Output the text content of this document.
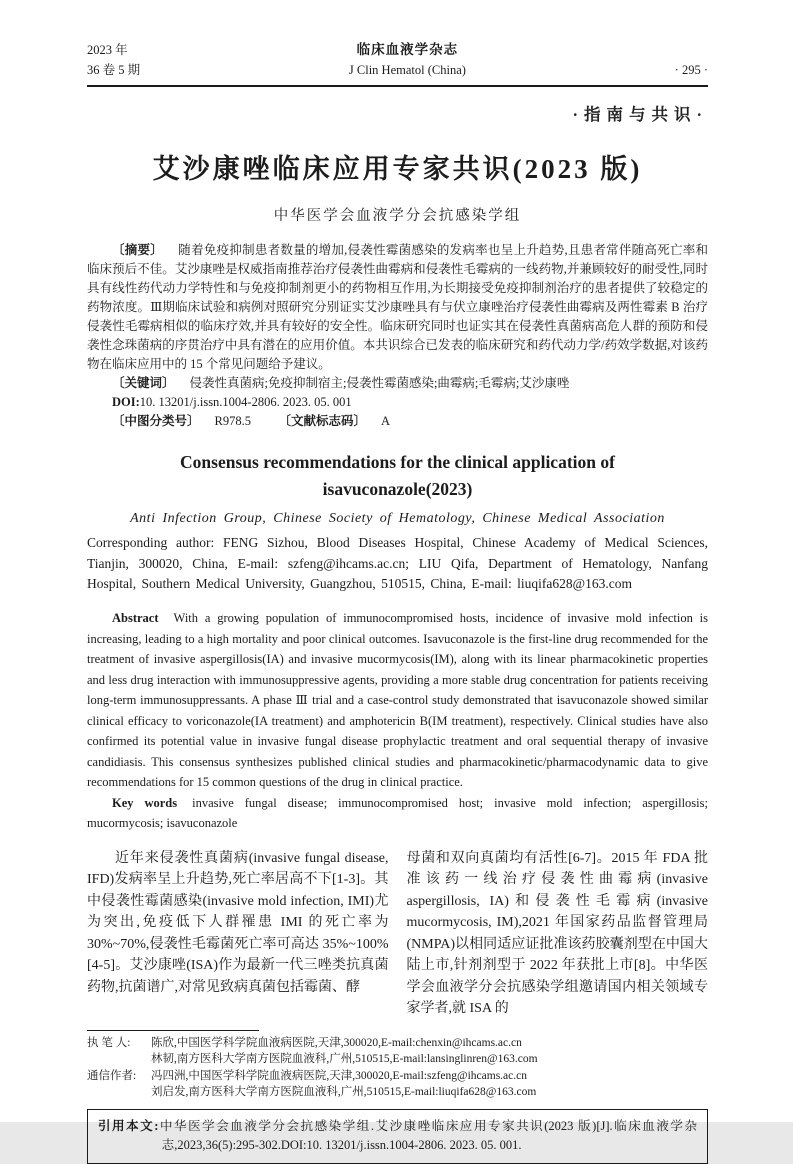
2023 年
36 卷 5 期
临床血液学杂志
J Clin Hematol (China)
	· 295 ·
·指南与共识·
艾沙康唑临床应用专家共识(2023 版)
中华医学会血液学分会抗感染学组

〔摘要〕 随着免疫抑制患者数量的增加,侵袭性霉菌感染的发病率也呈上升趋势,且患者常伴随高死亡率和临床预后不佳。艾沙康唑是权威指南推荐治疗侵袭性曲霉病和侵袭性毛霉病的一线药物,并兼顾较好的耐受性,同时具有线性药代动力学特性和与免疫抑制剂更小的药物相互作用,为长期接受免疫抑制剂治疗的患者提供了较稳定的药物浓度。Ⅲ期临床试验和病例对照研究分别证实艾沙康唑具有与伏立康唑治疗侵袭性曲霉病及两性霉素 B 治疗侵袭性毛霉病相似的临床疗效,并具有较好的安全性。临床研究同时也证实其在侵袭性真菌病高危人群的预防和侵袭性念珠菌病的序贯治疗中具有潜在的应用价值。本共识综合已发表的临床研究和药代动力学/药效学数据,对该药物在临床应用中的 15 个常见问题给予建议。

〔关键词〕 侵袭性真菌病;免疫抑制宿主;侵袭性霉菌感染;曲霉病;毛霉病;艾沙康唑

DOI:10. 13201/j.issn.1004-2806. 2023. 05. 001

〔中图分类号〕 R978.5 〔文献标志码〕 A

Consensus recommendations for the clinical application of
isavuconazole(2023)
Anti Infection Group, Chinese Society of Hematology, Chinese Medical Association

Corresponding author: FENG Sizhou, Blood Diseases Hospital, Chinese Academy of Medical Sciences, Tianjin, 300020, China, E-mail: szfeng@ihcams.ac.cn; LIU Qifa, Department of Hematology, Nanfang Hospital, Southern Medical University, Guangzhou, 510515, China, E-mail: liuqifa628@163.com

Abstract With a growing population of immunocompromised hosts, incidence of invasive mold infection is increasing, leading to a high mortality and poor clinical outcomes. Isavuconazole is the first-line drug recommended for the treatment of invasive aspergillosis(IA) and invasive mucormycosis(IM), along with its linear pharmacokinetic properties and less drug interaction with immunosuppressive agents, providing a more stable drug concentration for patients receiving long-term immunosuppressants. A phase Ⅲ trial and a case-control study demonstrated that isavuconazole showed similar clinical efficacy to voriconazole(IA treatment) and amphotericin B(IM treatment), respectively. Clinical studies have also confirmed its potential value in invasive fungal disease prophylactic treatment and oral sequential therapy of invasive candidiasis. This consensus synthesizes published clinical studies and pharmacokinetic/pharmacodynamic data to give recommendations for 15 common questions of the drug in clinical practice.

Key words invasive fungal disease; immunocompromised host; invasive mold infection; aspergillosis; mucormycosis; isavuconazole

近年来侵袭性真菌病(invasive fungal disease, IFD)发病率呈上升趋势,死亡率居高不下[1-3]。其中侵袭性霉菌感染(invasive mold infection, IMI)尤为突出,免疫低下人群罹患 IMI 的死亡率为 30%~70%,侵袭性毛霉菌死亡率可高达 35%~100%[4-5]。艾沙康唑(ISA)作为最新一代三唑类抗真菌药物,抗菌谱广,对常见致病真菌包括霉菌、酵

母菌和双向真菌均有活性[6-7]。2015 年 FDA 批准该药一线治疗侵袭性曲霉病(invasive aspergillosis, IA)和侵袭性毛霉病(invasive mucormycosis, IM),2021 年国家药品监督管理局(NMPA)以相同适应证批准该药胶囊剂型在中国大陆上市,针剂剂型于 2022 年获批上市[8]。中华医学会血液学分会抗感染学组邀请国内相关领域专家学者,就 ISA 的

执 笔 人:	陈欣,中国医学科学院血液病医院,天津,300020,E-mail:chenxin@ihcams.ac.cn

林韧,南方医科大学南方医院血液科,广州,510515,E-mail:lansinglinren@163.com

通信作者:	冯四洲,中国医学科学院血液病医院,天津,300020,E-mail:szfeng@ihcams.ac.cn

刘启发,南方医科大学南方医院血液科,广州,510515,E-mail:liuqifa628@163.com

引用本文:中华医学会血液学分会抗感染学组.艾沙康唑临床应用专家共识(2023 版)[J].临床血液学杂志,2023,36(5):295-302.DOI:10. 13201/j.issn.1004-2806. 2023. 05. 001.
